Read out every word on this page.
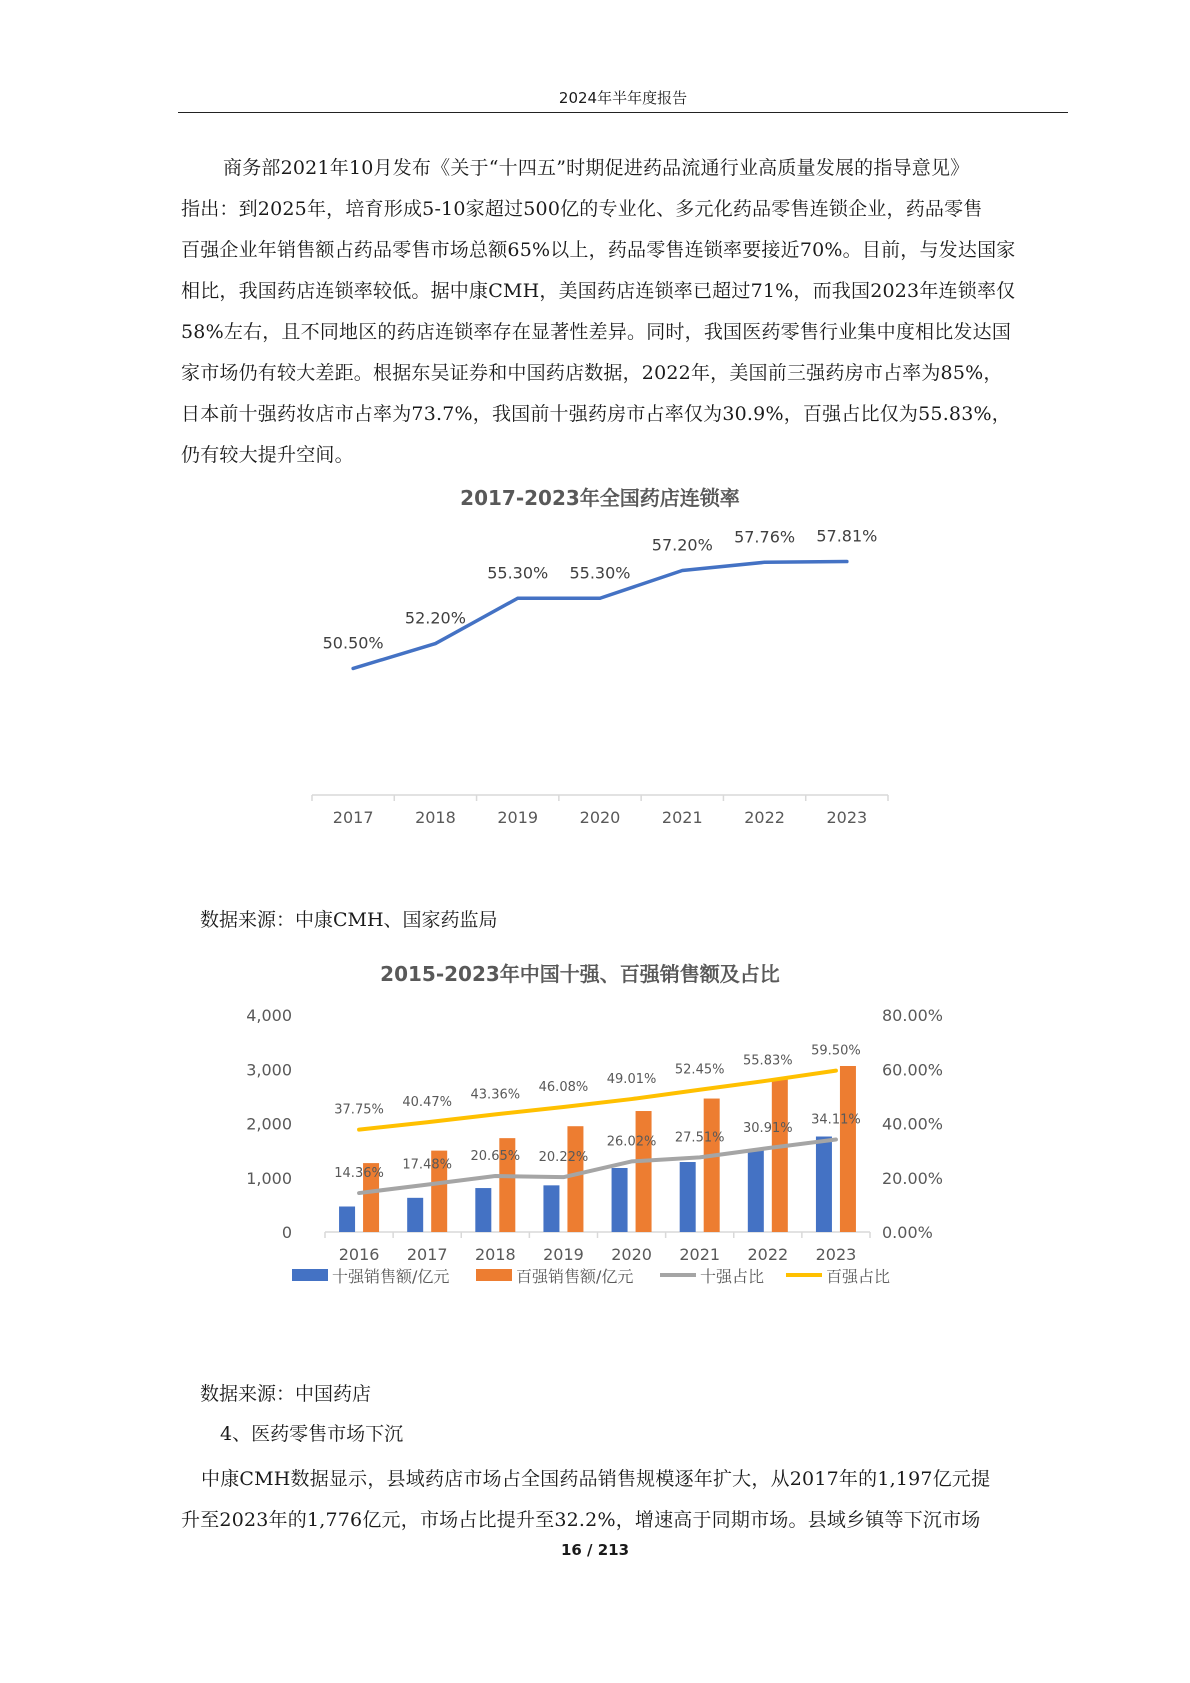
2024年半年度报告
商务部2021年10月发布《关于“十四五”时期促进药品流通行业高质量发展的指导意见》
指出：到2025年，培育形成5-10家超过500亿的专业化、多元化药品零售连锁企业，药品零售
百强企业年销售额占药品零售市场总额65%以上，药品零售连锁率要接近70%。目前，与发达国家
相比，我国药店连锁率较低。据中康CMH，美国药店连锁率已超过71%，而我国2023年连锁率仅
58%左右，且不同地区的药店连锁率存在显著性差异。同时，我国医药零售行业集中度相比发达国
家市场仍有较大差距。根据东吴证券和中国药店数据，2022年，美国前三强药房市占率为85%，
日本前十强药妆店市占率为73.7%，我国前十强药房市占率仅为30.9%，百强占比仅为55.83%，
仍有较大提升空间。
2017-2023年全国药店连锁率
50.50%
2017
52.20%
2018
55.30%
2019
55.30%
2020
57.20%
2021
57.76%
2022
57.81%
2023
数据来源：中康CMH、国家药监局
2015-2023年中国十强、百强销售额及占比
4,000
3,000
2,000
1,000
0
80.00%
60.00%
40.00%
20.00%
0.00%
2016 2017 2018 2019 2020 2021 2022 2023
14.36%
17.48%
20.65% 20.22%
26.02% 27.51%
30.91%
34.11%
37.75% 40.47%
43.36% 46.08%
49.01%
52.45%
55.83%
59.50%
十强销售额/亿元	百强销售额/亿元	十强占比	百强占比
数据来源：中国药店
4、医药零售市场下沉
中康CMH数据显示，县域药店市场占全国药品销售规模逐年扩大，从2017年的1,197亿元提
升至2023年的1,776亿元，市场占比提升至32.2%，增速高于同期市场。县域乡镇等下沉市场
16 / 213
